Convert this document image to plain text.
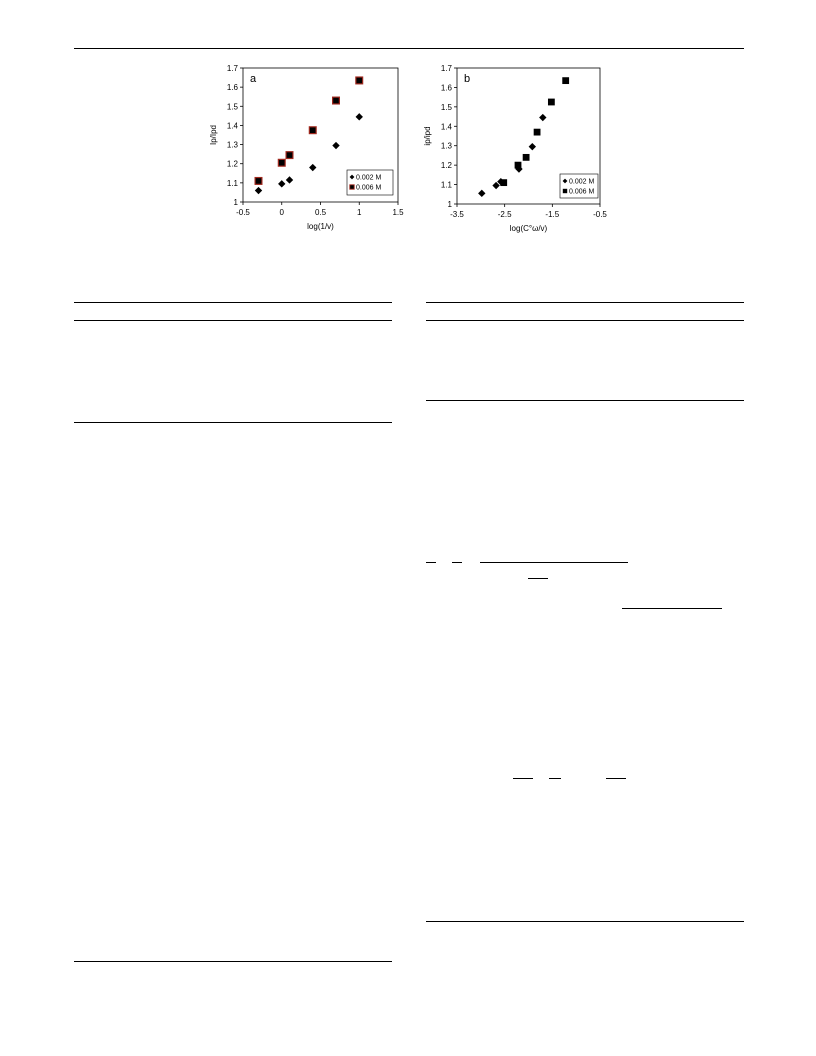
1
1.1
1.2
1.3
1.4
1.5
1.6
1.7
-0.5	0	0.5	1	1.5
log(1/v)
Ip/Ipd
a
0.002 M
0.006 M
1
1.1
1.2
1.3
1.4
1.5
1.6
1.7
-3.5	-2.5	-1.5	-0.5
log(C°ω/v)
ip/ipd
b
0.002 M
0.006 M
